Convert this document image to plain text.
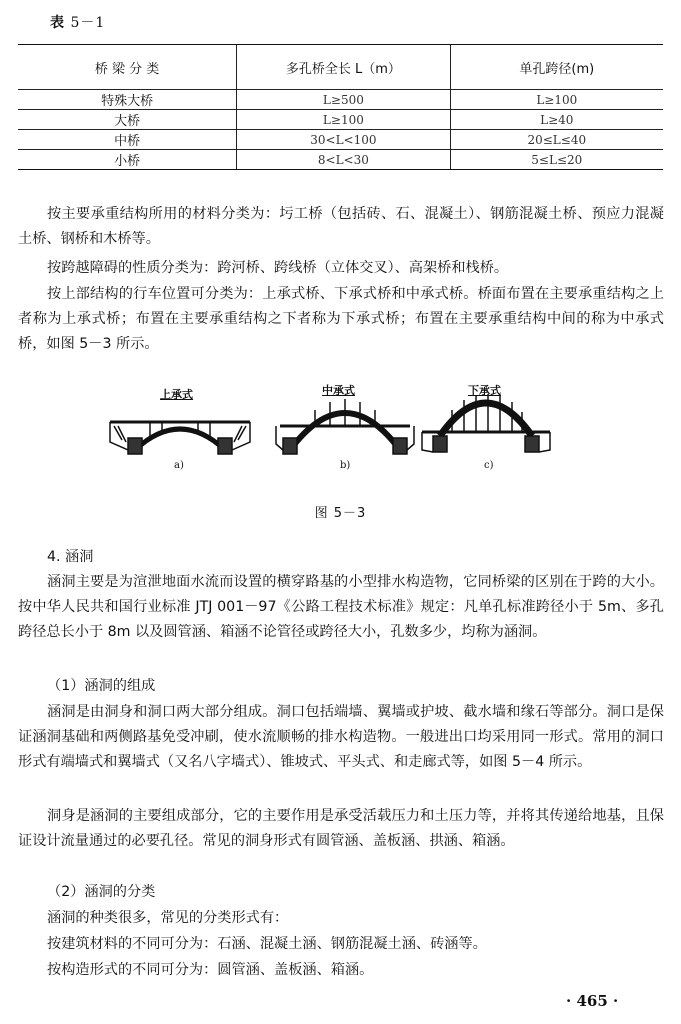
表 5－1
桥 梁 分 类	多孔桥全长 L（m）	单孔跨径(m)
特殊大桥	L≥500	L≥100
大桥	L≥100	L≥40
中桥	30<L<100	20≤L≤40
小桥	8<L<30	5≤L≤20

按主要承重结构所用的材料分类为：圬工桥（包括砖、石、混凝土）、钢筋混凝土桥、预应力混凝土桥、钢桥和木桥等。

按跨越障碍的性质分类为：跨河桥、跨线桥（立体交叉）、高架桥和栈桥。

按上部结构的行车位置可分类为：上承式桥、下承式桥和中承式桥。桥面布置在主要承重结构之上者称为上承式桥；布置在主要承重结构之下者称为下承式桥；布置在主要承重结构中间的称为中承式桥，如图 5－3 所示。

上承式	中承式	下承式
a)	b)	c)
图 5－3

4. 涵洞

涵洞主要是为渲泄地面水流而设置的横穿路基的小型排水构造物，它同桥梁的区别在于跨的大小。按中华人民共和国行业标准 JTJ 001－97《公路工程技术标准》规定：凡单孔标准跨径小于 5m、多孔跨径总长小于 8m 以及圆管涵、箱涵不论管径或跨径大小，孔数多少，均称为涵洞。

（1）涵洞的组成

涵洞是由洞身和洞口两大部分组成。洞口包括端墙、翼墙或护坡、截水墙和缘石等部分。洞口是保证涵洞基础和两侧路基免受冲刷，使水流顺畅的排水构造物。一般进出口均采用同一形式。常用的洞口形式有端墙式和翼墙式（又名八字墙式）、锥坡式、平头式、和走廊式等，如图 5－4 所示。

洞身是涵洞的主要组成部分，它的主要作用是承受活载压力和土压力等，并将其传递给地基，且保证设计流量通过的必要孔径。常见的洞身形式有圆管涵、盖板涵、拱涵、箱涵。

（2）涵洞的分类

涵洞的种类很多，常见的分类形式有：

按建筑材料的不同可分为：石涵、混凝土涵、钢筋混凝土涵、砖涵等。

按构造形式的不同可分为：圆管涵、盖板涵、箱涵。

· 465 ·
